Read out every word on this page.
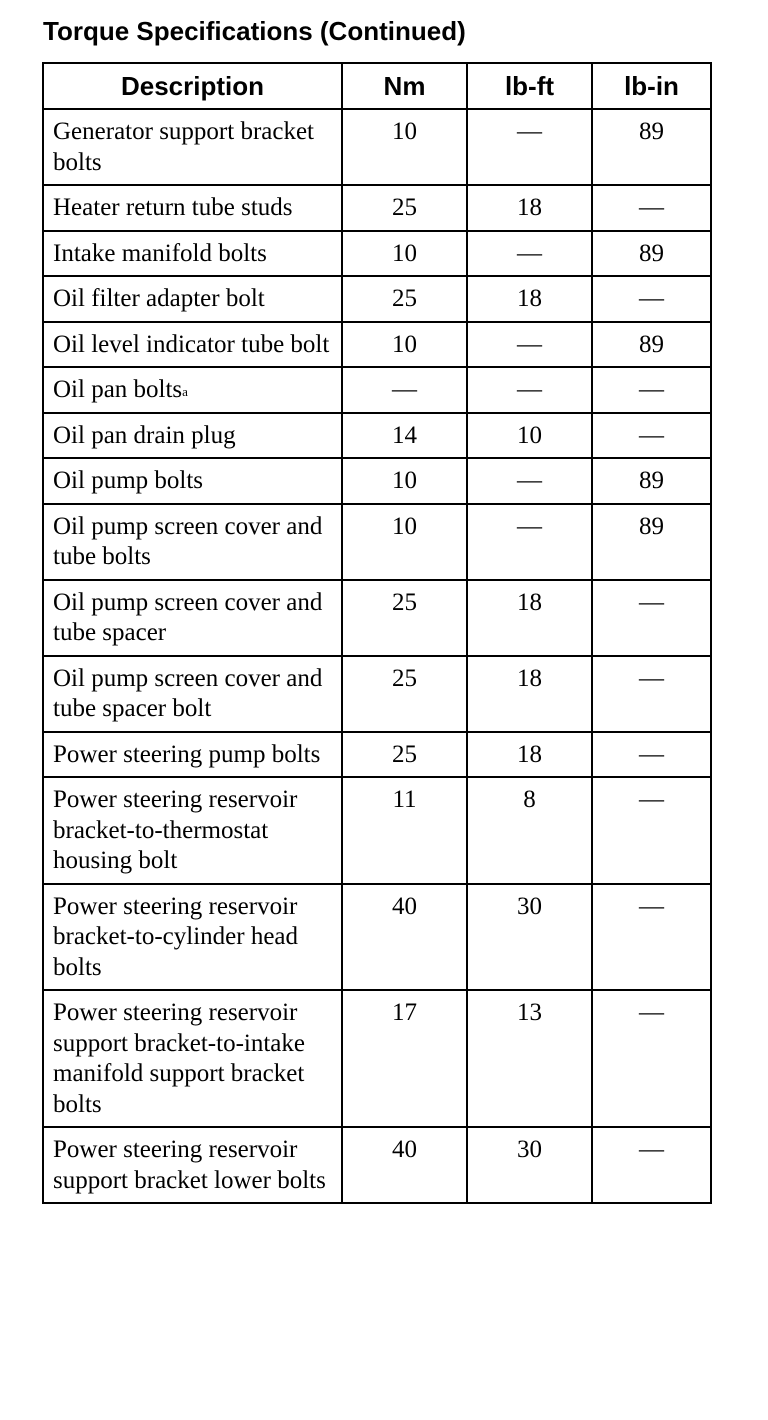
Torque Specifications (Continued)
Description	Nm	lb-ft	lb-in
Generator support bracket bolts	10	—	89
Heater return tube studs	25	18	—
Intake manifold bolts	10	—	89
Oil filter adapter bolt	25	18	—
Oil level indicator tube bolt	10	—	89
Oil pan bolts$^a$	—	—	—
Oil pan drain plug	14	10	—
Oil pump bolts	10	—	89
Oil pump screen cover and tube bolts	10	—	89
Oil pump screen cover and tube spacer	25	18	—
Oil pump screen cover and tube spacer bolt	25	18	—
Power steering pump bolts	25	18	—
Power steering reservoir bracket-to-thermostat housing bolt	11	8	—
Power steering reservoir bracket-to-cylinder head bolts	40	30	—
Power steering reservoir support bracket-to-intake manifold support bracket bolts	17	13	—
Power steering reservoir support bracket lower bolts	40	30	—
